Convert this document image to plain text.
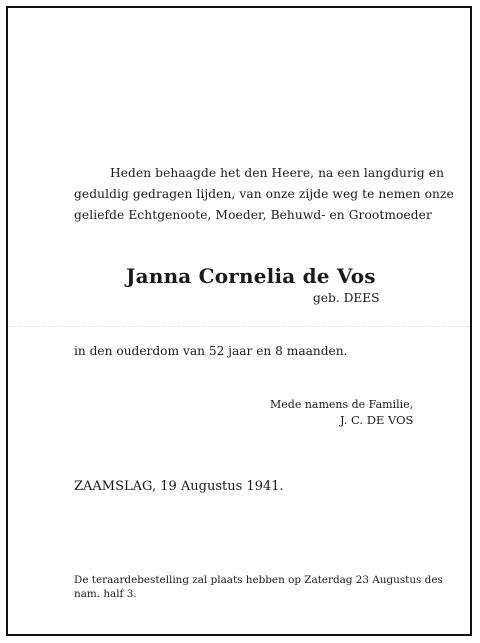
Heden behaagde het den Heere, na een langdurig en
geduldig gedragen lijden, van onze zijde weg te nemen onze
geliefde Echtgenoote, Moeder, Behuwd- en Grootmoeder
Janna Cornelia de Vos
geb. DEES
in den ouderdom van 52 jaar en 8 maanden.
Mede namens de Familie,
J. C. DE VOS
ZAAMSLAG, 19 Augustus 1941.
De teraardebestelling zal plaats hebben op Zaterdag 23 Augustus des
nam. half 3.
